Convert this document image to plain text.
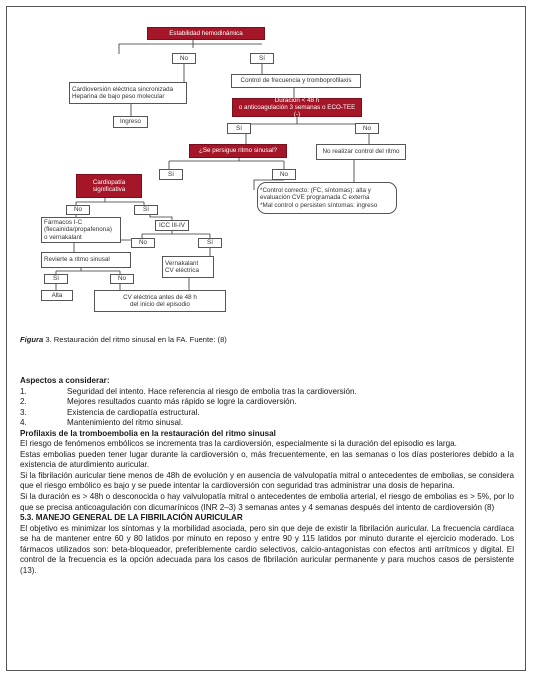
Estabilidad hemodinámica
No	Sí
Cardioversión eléctrica sincronizada
Heparina de bajo peso molecular
Control de frecuencia y tromboprofilaxis
Ingreso
Duración < 48 h
o anticoagulación 3 semanas o ECO-TEE (-)
Sí	No
¿Se persigue ritmo sinusal?	No realizar control del ritmo
Sí	No
Cardiopatía
significativa	*Control correcto: (FC, síntomas): alta y
evaluación CVE programada C externa
*Mal control o persisten síntomas: ingreso
No	Sí
Fármacos I-C (flecainida/propafenona)
o vernakalant
ICC III-IV
No	Sí
Revierte a ritmo sinusal	Vernakalant
CV eléctrica
Sí	No
Alta	CV eléctrica antes de 48 h
del inicio del episodio
Figura 3. Restauración del ritmo sinusal en la FA. Fuente: (8)

Aspectos a considerar:

1.	Seguridad del intento. Hace referencia al riesgo de embolia tras la cardioversión.
2.	Mejores resultados cuanto más rápido se logre la cardioversión.
3.	Existencia de cardiopatía estructural.
4.	Mantenimiento del ritmo sinusal.

Profilaxis de la tromboembolia en la restauración del ritmo sinusal

El riesgo de fenómenos embólicos se incrementa tras la cardioversión, especialmente si la duración del episodio es larga.

Estas embolias pueden tener lugar durante la cardioversión o, más frecuentemente, en las semanas o los días posteriores debido a la existencia de aturdimiento auricular.

Si la fibrilación auricular tiene menos de 48h de evolución y en ausencia de valvulopatía mitral o antecedentes de embolias, se considera que el riesgo embólico es bajo y se puede intentar la cardioversión con seguridad tras administrar una dosis de heparina.

Si la duración es > 48h o desconocida o hay valvulopatía mitral o antecedentes de embolia arterial, el riesgo de embolias es > 5%, por lo que se precisa anticoagulación con dicumarínicos (INR 2–3) 3 semanas antes y 4 semanas después del intento de cardioversión (8)

5.3. MANEJO GENERAL DE LA FIBRILACIÓN AURICULAR

El objetivo es minimizar los síntomas y la morbilidad asociada, pero sin que deje de existir la fibrilación auricular. La frecuencia cardíaca se ha de mantener entre 60 y 80 latidos por minuto en reposo y entre 90 y 115 latidos por minuto durante el ejercicio moderado. Los fármacos utilizados son: beta-bloqueador, preferiblemente cardio selectivos, calcio-antagonistas con efectos anti arrítmicos y digital. El control de la frecuencia es la opción adecuada para los casos de fibrilación auricular permanente y para muchos casos de persistente (13).
